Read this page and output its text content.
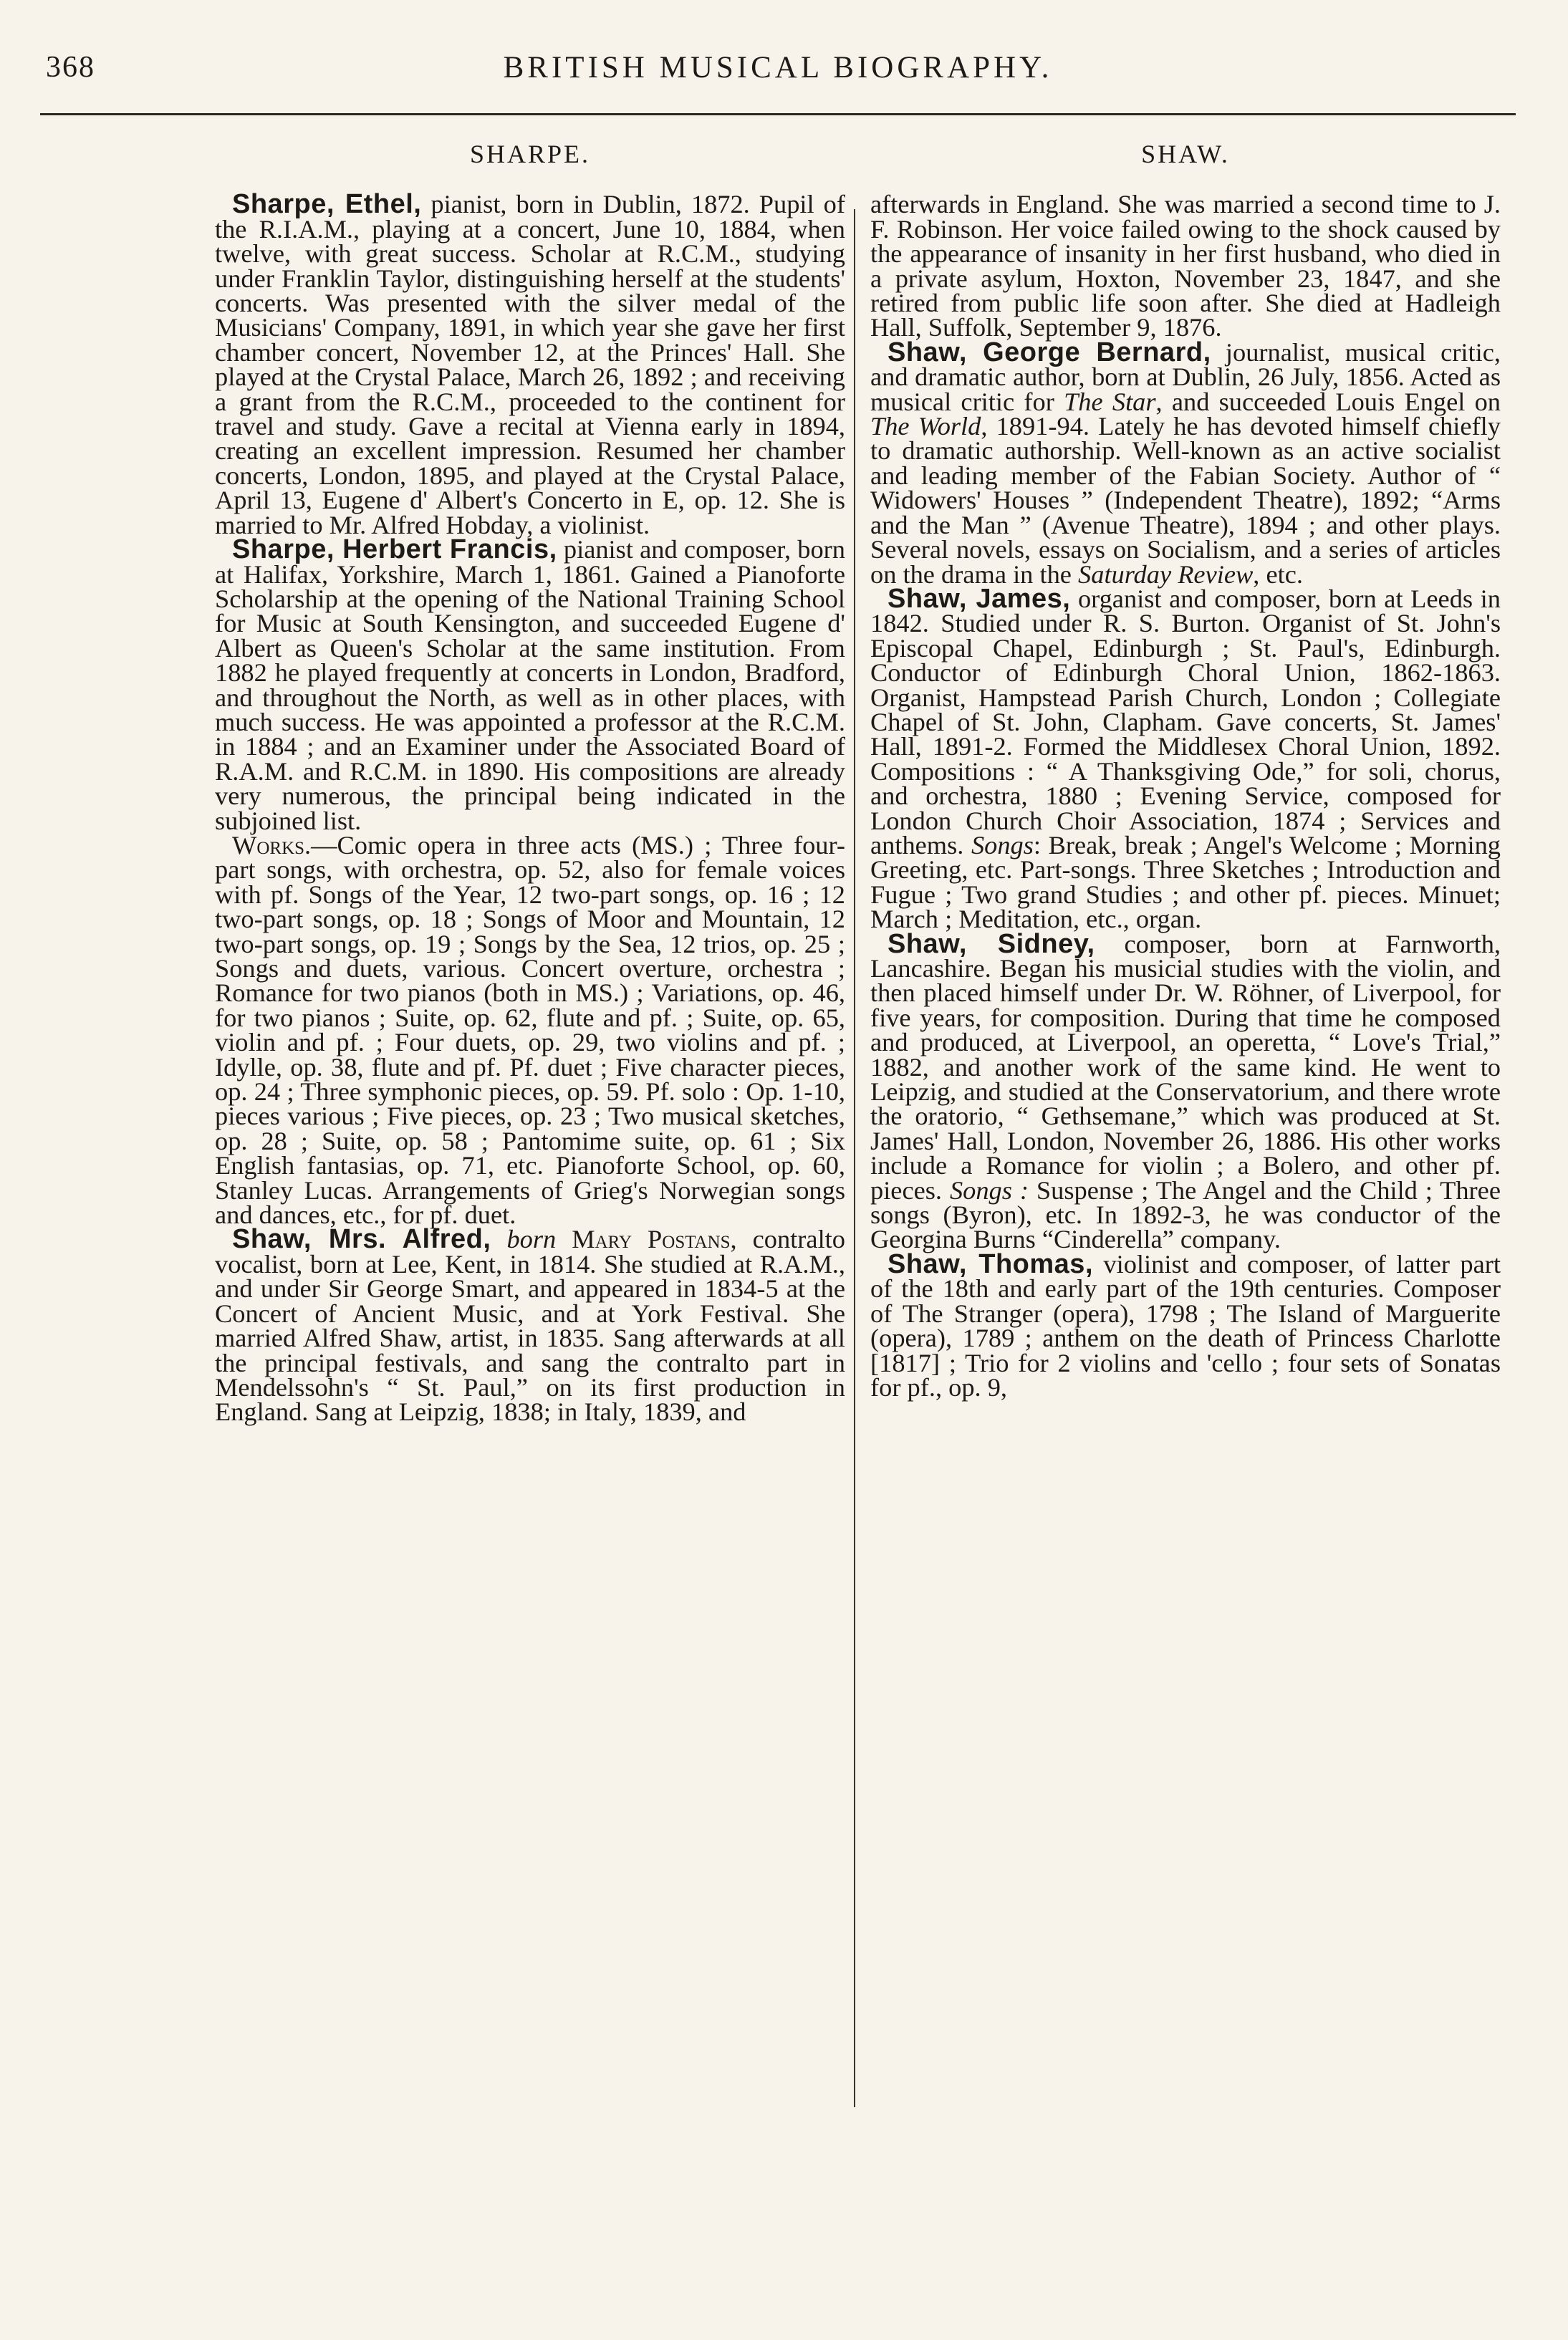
368	BRITISH MUSICAL BIOGRAPHY.
SHARPE.

Sharpe, Ethel, pianist, born in Dublin, 1872. Pupil of the R.I.A.M., playing at a concert, June 10, 1884, when twelve, with great success. Scholar at R.C.M., studying under Franklin Taylor, distinguishing herself at the students' concerts. Was presented with the silver medal of the Musicians' Company, 1891, in which year she gave her first chamber concert, November 12, at the Princes' Hall. She played at the Crystal Palace, March 26, 1892 ; and receiving a grant from the R.C.M., proceeded to the continent for travel and study. Gave a recital at Vienna early in 1894, creating an excellent impression. Resumed her chamber concerts, London, 1895, and played at the Crystal Palace, April 13, Eugene d' Albert's Concerto in E, op. 12. She is married to Mr. Alfred Hobday, a violinist.

Sharpe, Herbert Francis, pianist and composer, born at Halifax, Yorkshire, March 1, 1861. Gained a Pianoforte Scholarship at the opening of the National Training School for Music at South Kensington, and succeeded Eugene d' Albert as Queen's Scholar at the same institution. From 1882 he played frequently at concerts in London, Bradford, and throughout the North, as well as in other places, with much success. He was appointed a professor at the R.C.M. in 1884 ; and an Examiner under the Associated Board of R.A.M. and R.C.M. in 1890. His compositions are already very numerous, the principal being indicated in the subjoined list.

Works.—Comic opera in three acts (MS.) ; Three four-part songs, with orchestra, op. 52, also for female voices with pf. Songs of the Year, 12 two-part songs, op. 16 ; 12 two-part songs, op. 18 ; Songs of Moor and Mountain, 12 two-part songs, op. 19 ; Songs by the Sea, 12 trios, op. 25 ; Songs and duets, various. Concert overture, orchestra ; Romance for two pianos (both in MS.) ; Variations, op. 46, for two pianos ; Suite, op. 62, flute and pf. ; Suite, op. 65, violin and pf. ; Four duets, op. 29, two violins and pf. ; Idylle, op. 38, flute and pf. Pf. duet ; Five character pieces, op. 24 ; Three symphonic pieces, op. 59. Pf. solo : Op. 1-10, pieces various ; Five pieces, op. 23 ; Two musical sketches, op. 28 ; Suite, op. 58 ; Pantomime suite, op. 61 ; Six English fantasias, op. 71, etc. Pianoforte School, op. 60, Stanley Lucas. Arrangements of Grieg's Norwegian songs and dances, etc., for pf. duet.

Shaw, Mrs. Alfred, born Mary Postans, contralto vocalist, born at Lee, Kent, in 1814. She studied at R.A.M., and under Sir George Smart, and appeared in 1834-5 at the Concert of Ancient Music, and at York Festival. She married Alfred Shaw, artist, in 1835. Sang afterwards at all the principal festivals, and sang the contralto part in Mendelssohn's “ St. Paul,” on its first production in England. Sang at Leipzig, 1838; in Italy, 1839, and

SHAW.

afterwards in England. She was married a second time to J. F. Robinson. Her voice failed owing to the shock caused by the appearance of insanity in her first husband, who died in a private asylum, Hoxton, November 23, 1847, and she retired from public life soon after. She died at Hadleigh Hall, Suffolk, September 9, 1876.

Shaw, George Bernard, journalist, musical critic, and dramatic author, born at Dublin, 26 July, 1856. Acted as musical critic for The Star, and succeeded Louis Engel on The World, 1891-94. Lately he has devoted himself chiefly to dramatic authorship. Well-known as an active socialist and leading member of the Fabian Society. Author of “ Widowers' Houses ” (Independent Theatre), 1892; “Arms and the Man ” (Avenue Theatre), 1894 ; and other plays. Several novels, essays on Socialism, and a series of articles on the drama in the Saturday Review, etc.

Shaw, James, organist and composer, born at Leeds in 1842. Studied under R. S. Burton. Organist of St. John's Episcopal Chapel, Edinburgh ; St. Paul's, Edinburgh. Conductor of Edinburgh Choral Union, 1862-1863. Organist, Hampstead Parish Church, London ; Collegiate Chapel of St. John, Clapham. Gave concerts, St. James' Hall, 1891-2. Formed the Middlesex Choral Union, 1892. Compositions : “ A Thanksgiving Ode,” for soli, chorus, and orchestra, 1880 ; Evening Service, composed for London Church Choir Association, 1874 ; Services and anthems. Songs: Break, break ; Angel's Welcome ; Morning Greeting, etc. Part-songs. Three Sketches ; Introduction and Fugue ; Two grand Studies ; and other pf. pieces. Minuet; March ; Meditation, etc., organ.

Shaw, Sidney, composer, born at Farnworth, Lancashire. Began his musicial studies with the violin, and then placed himself under Dr. W. Röhner, of Liverpool, for five years, for composition. During that time he composed and produced, at Liverpool, an operetta, “ Love's Trial,” 1882, and another work of the same kind. He went to Leipzig, and studied at the Conservatorium, and there wrote the oratorio, “ Gethsemane,” which was produced at St. James' Hall, London, November 26, 1886. His other works include a Romance for violin ; a Bolero, and other pf. pieces. Songs : Suspense ; The Angel and the Child ; Three songs (Byron), etc. In 1892-3, he was conductor of the Georgina Burns “Cinderella” company.

Shaw, Thomas, violinist and composer, of latter part of the 18th and early part of the 19th centuries. Composer of The Stranger (opera), 1798 ; The Island of Marguerite (opera), 1789 ; anthem on the death of Princess Charlotte [1817] ; Trio for 2 violins and 'cello ; four sets of Sonatas for pf., op. 9,
